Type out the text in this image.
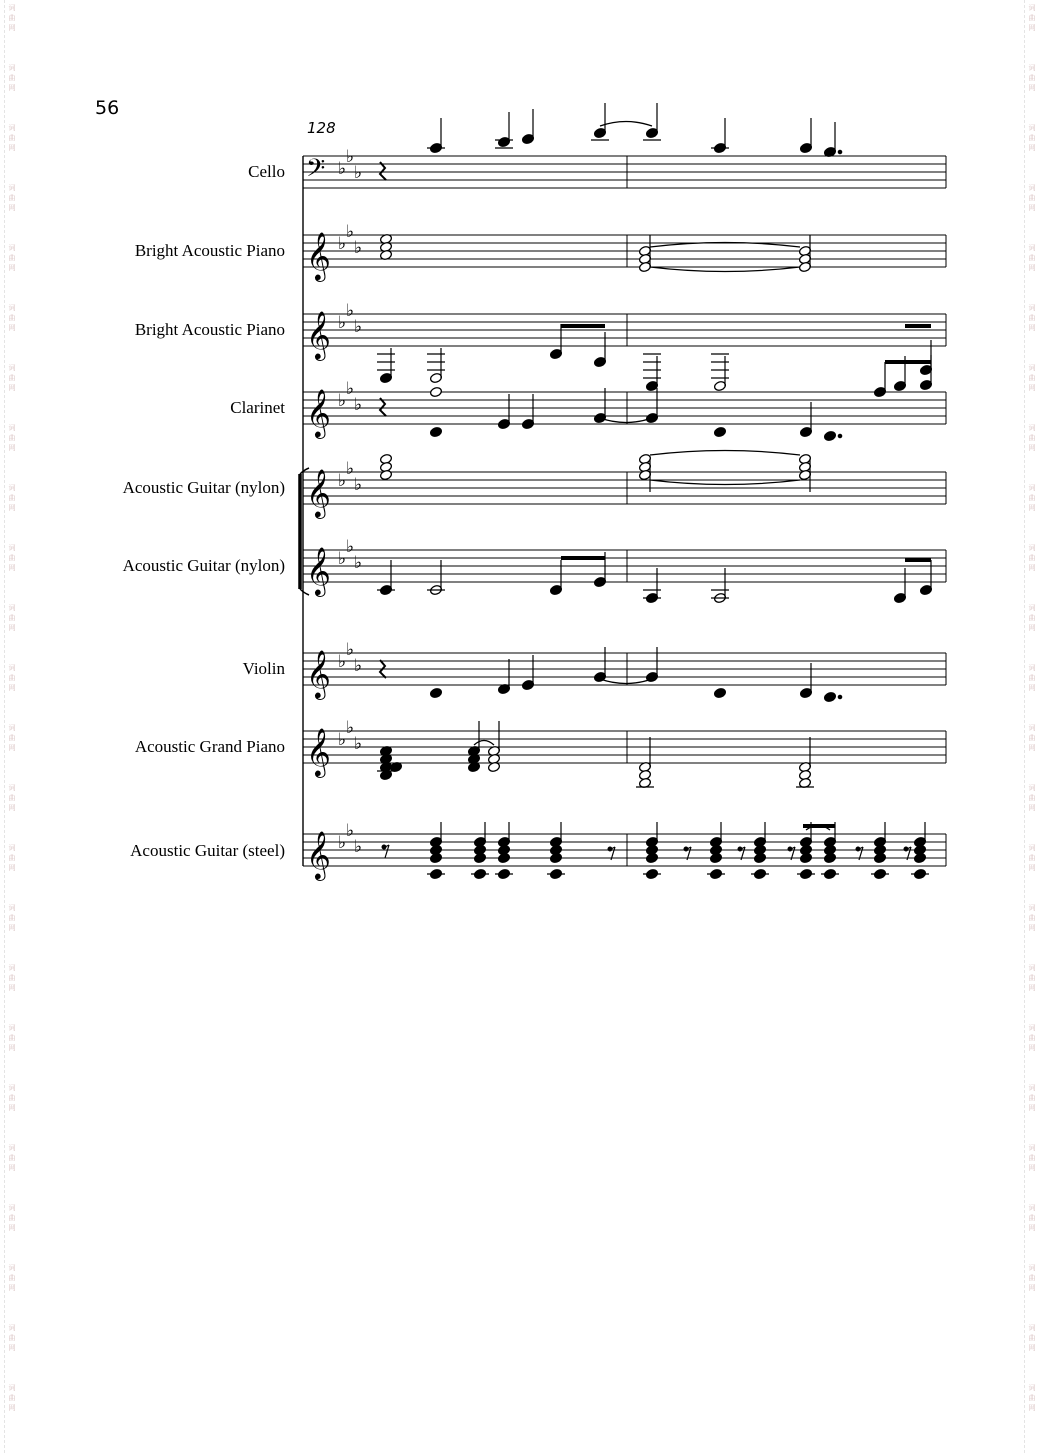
词
曲
网
词
曲
网
词
曲
网
词
曲
网
词
曲
网
词
曲
网
词
曲
网
词
曲
网
词
曲
网
词
曲
网
词
曲
网
词
曲
网
词
曲
网
词
曲
网
词
曲
网
词
曲
网
词
曲
网
词
曲
网
词
曲
网
词
曲
网
词
曲
网
词
曲
网
词
曲
网
词
曲
网
词
曲
网
词
曲
网
词
曲
网
词
曲
网
词
曲
网
词
曲
网
词
曲
网
词
曲
网
词
曲
网
词
曲
网
词
曲
网
词
曲
网
词
曲
网
词
曲
网
词
曲
网
词
曲
网
词
曲
网
词
曲
网
词
曲
网
词
曲
网
词
曲
网
词
曲
网
词
曲
网
词
曲
网
56
128
Cello
Bright Acoustic Piano
Bright Acoustic Piano
Clarinet
Acoustic Guitar (nylon)
Acoustic Guitar (nylon)
Violin
Acoustic Grand Piano
Acoustic Guitar (steel)
𝄢 ♭
♭
♭
𝄞 ♭
♭
♭
𝄞 ♭
♭
♭
𝄞 ♭
♭
♭
𝄞 ♭
♭
♭
𝄞 ♭
♭
♭
𝄞 ♭
♭
♭
𝄞 ♭
♭
♭
𝄞 ♭
♭
♭
